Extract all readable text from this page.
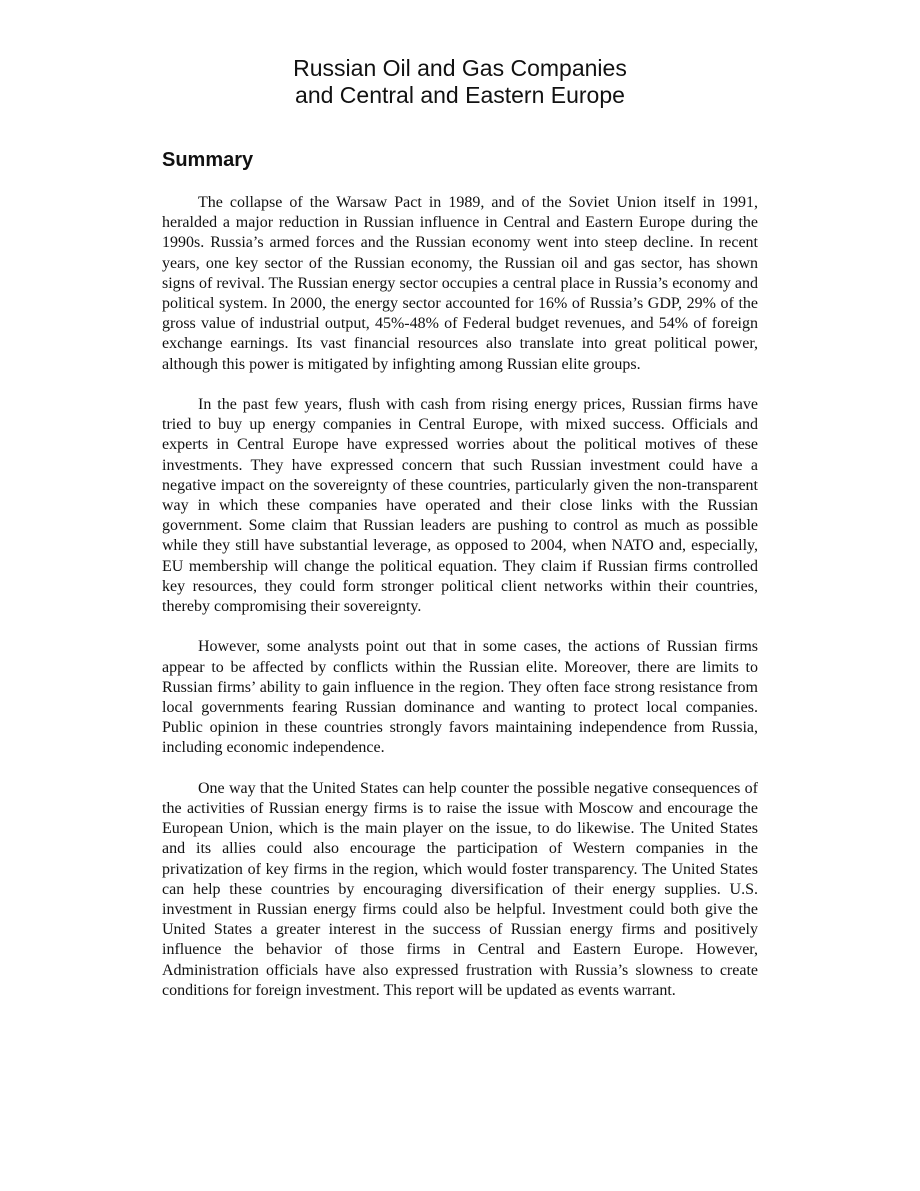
Russian Oil and Gas Companies
and Central and Eastern Europe
Summary

The collapse of the Warsaw Pact in 1989, and of the Soviet Union itself in 1991, heralded a major reduction in Russian influence in Central and Eastern Europe during the 1990s. Russia’s armed forces and the Russian economy went into steep decline. In recent years, one key sector of the Russian economy, the Russian oil and gas sector, has shown signs of revival. The Russian energy sector occupies a central place in Russia’s economy and political system. In 2000, the energy sector accounted for 16% of Russia’s GDP, 29% of the gross value of industrial output, 45%-48% of Federal budget revenues, and 54% of foreign exchange earnings. Its vast financial resources also translate into great political power, although this power is mitigated by infighting among Russian elite groups.

In the past few years, flush with cash from rising energy prices, Russian firms have tried to buy up energy companies in Central Europe, with mixed success. Officials and experts in Central Europe have expressed worries about the political motives of these investments. They have expressed concern that such Russian investment could have a negative impact on the sovereignty of these countries, particularly given the non-transparent way in which these companies have operated and their close links with the Russian government. Some claim that Russian leaders are pushing to control as much as possible while they still have substantial leverage, as opposed to 2004, when NATO and, especially, EU membership will change the political equation. They claim if Russian firms controlled key resources, they could form stronger political client networks within their countries, thereby compromising their sovereignty.

However, some analysts point out that in some cases, the actions of Russian firms appear to be affected by conflicts within the Russian elite. Moreover, there are limits to Russian firms’ ability to gain influence in the region. They often face strong resistance from local governments fearing Russian dominance and wanting to protect local companies. Public opinion in these countries strongly favors maintaining independence from Russia, including economic independence.

One way that the United States can help counter the possible negative consequences of the activities of Russian energy firms is to raise the issue with Moscow and encourage the European Union, which is the main player on the issue, to do likewise. The United States and its allies could also encourage the participation of Western companies in the privatization of key firms in the region, which would foster transparency. The United States can help these countries by encouraging diversification of their energy supplies. U.S. investment in Russian energy firms could also be helpful. Investment could both give the United States a greater interest in the success of Russian energy firms and positively influence the behavior of those firms in Central and Eastern Europe. However, Administration officials have also expressed frustration with Russia’s slowness to create conditions for foreign investment. This report will be updated as events warrant.
